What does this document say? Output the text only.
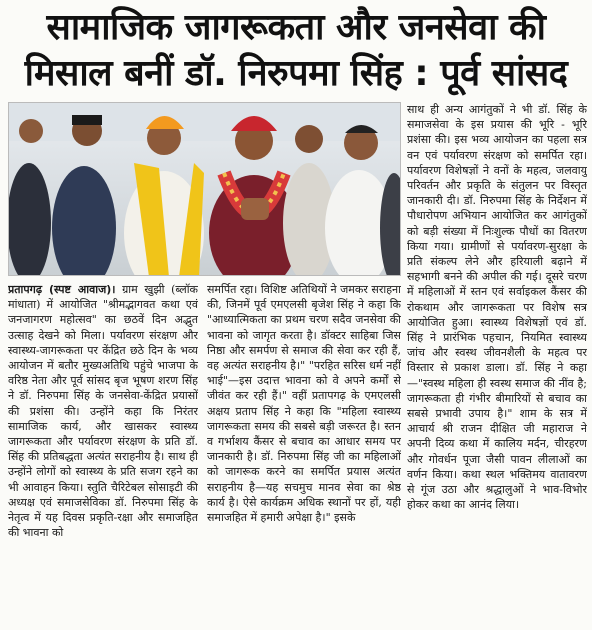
सामाजिक जागरूकता और जनसेवा की
मिसाल बनीं डॉ. निरुपमा सिंह : पूर्व सांसद
प्रतापगढ़ (स्पष्ट आवाज)। ग्राम खुझी (ब्लॉक मांधाता) में आयोजित "श्रीमद्भागवत कथा एवं जनजागरण महोत्सव" का छठवें दिन अद्भुत उत्साह देखने को मिला। पर्यावरण संरक्षण और स्वास्थ्य-जागरूकता पर केंद्रित छठे दिन के भव्य आयोजन में बतौर मुख्यअतिथि पहुंचे भाजपा के वरिष्ठ नेता और पूर्व सांसद बृज भूषण शरण सिंह ने डॉ. निरुपमा सिंह के जनसेवा-केंद्रित प्रयासों की प्रशंसा की। उन्होंने कहा कि निरंतर सामाजिक कार्य, और खासकर स्वास्थ्य जागरूकता और पर्यावरण संरक्षण के प्रति डॉ. सिंह की प्रतिबद्धता अत्यंत सराहनीय है। साथ ही उन्होंने लोगों को स्वास्थ्य के प्रति सजग रहने का भी आवाहन किया। स्तुति चैरिटेबल सोसाइटी की अध्यक्ष एवं समाजसेविका डॉ. निरुपमा सिंह के नेतृत्व में यह दिवस प्रकृति-रक्षा और समाजहित की भावना को
समर्पित रहा। विशिष्ट अतिथियों ने जमकर सराहना की, जिनमें पूर्व एमएलसी बृजेश सिंह ने कहा कि "आध्यात्मिकता का प्रथम चरण सदैव जनसेवा की भावना को जागृत करता है। डॉक्टर साहिबा जिस निष्ठा और समर्पण से समाज की सेवा कर रही हैं, वह अत्यंत सराहनीय है।" "परहित सरिस धर्म नहीं भाई"—इस उदात्त भावना को वे अपने कर्मों से जीवंत कर रही हैं।" वहीं प्रतापगढ़ के एमएलसी अक्षय प्रताप सिंह ने कहा कि "महिला स्वास्थ्य जागरूकता समय की सबसे बड़ी जरूरत है। स्तन व गर्भाशय कैंसर से बचाव का आधार समय पर जानकारी है। डॉ. निरुपमा सिंह जी का महिलाओं को जागरूक करने का समर्पित प्रयास अत्यंत सराहनीय है—यह सचमुच मानव सेवा का श्रेष्ठ कार्य है। ऐसे कार्यक्रम अधिक स्थानों पर हों, यही समाजहित में हमारी अपेक्षा है।" इसके
साथ ही अन्य आगंतुकों ने भी डॉ. सिंह के समाजसेवा के इस प्रयास की भूरि - भूरि प्रशंसा की। इस भव्य आयोजन का पहला सत्र वन एवं पर्यावरण संरक्षण को समर्पित रहा। पर्यावरण विशेषज्ञों ने वनों के महत्व, जलवायु परिवर्तन और प्रकृति के संतुलन पर विस्तृत जानकारी दी। डॉ. निरुपमा सिंह के निर्देशन में पौधारोपण अभियान आयोजित कर आगंतुकों को बड़ी संख्या में निःशुल्क पौधों का वितरण किया गया। ग्रामीणों से पर्यावरण-सुरक्षा के प्रति संकल्प लेने और हरियाली बढ़ाने में सहभागी बनने की अपील की गई। दूसरे चरण में महिलाओं में स्तन एवं सर्वाइकल कैंसर की रोकथाम और जागरूकता पर विशेष सत्र आयोजित हुआ। स्वास्थ्य विशेषज्ञों एवं डॉ. सिंह ने प्रारंभिक पहचान, नियमित स्वास्थ्य जांच और स्वस्थ जीवनशैली के महत्व पर विस्तार से प्रकाश डाला। डॉ. सिंह ने कहा—"स्वस्थ महिला ही स्वस्थ समाज की नींव है; जागरूकता ही गंभीर बीमारियों से बचाव का सबसे प्रभावी उपाय है।" शाम के सत्र में आचार्य श्री राजन दीक्षित जी महाराज ने अपनी दिव्य कथा में कालिय मर्दन, चीरहरण और गोवर्धन पूजा जैसी पावन लीलाओं का वर्णन किया। कथा स्थल भक्तिमय वातावरण से गूंज उठा और श्रद्धालुओं ने भाव-विभोर होकर कथा का आनंद लिया।
